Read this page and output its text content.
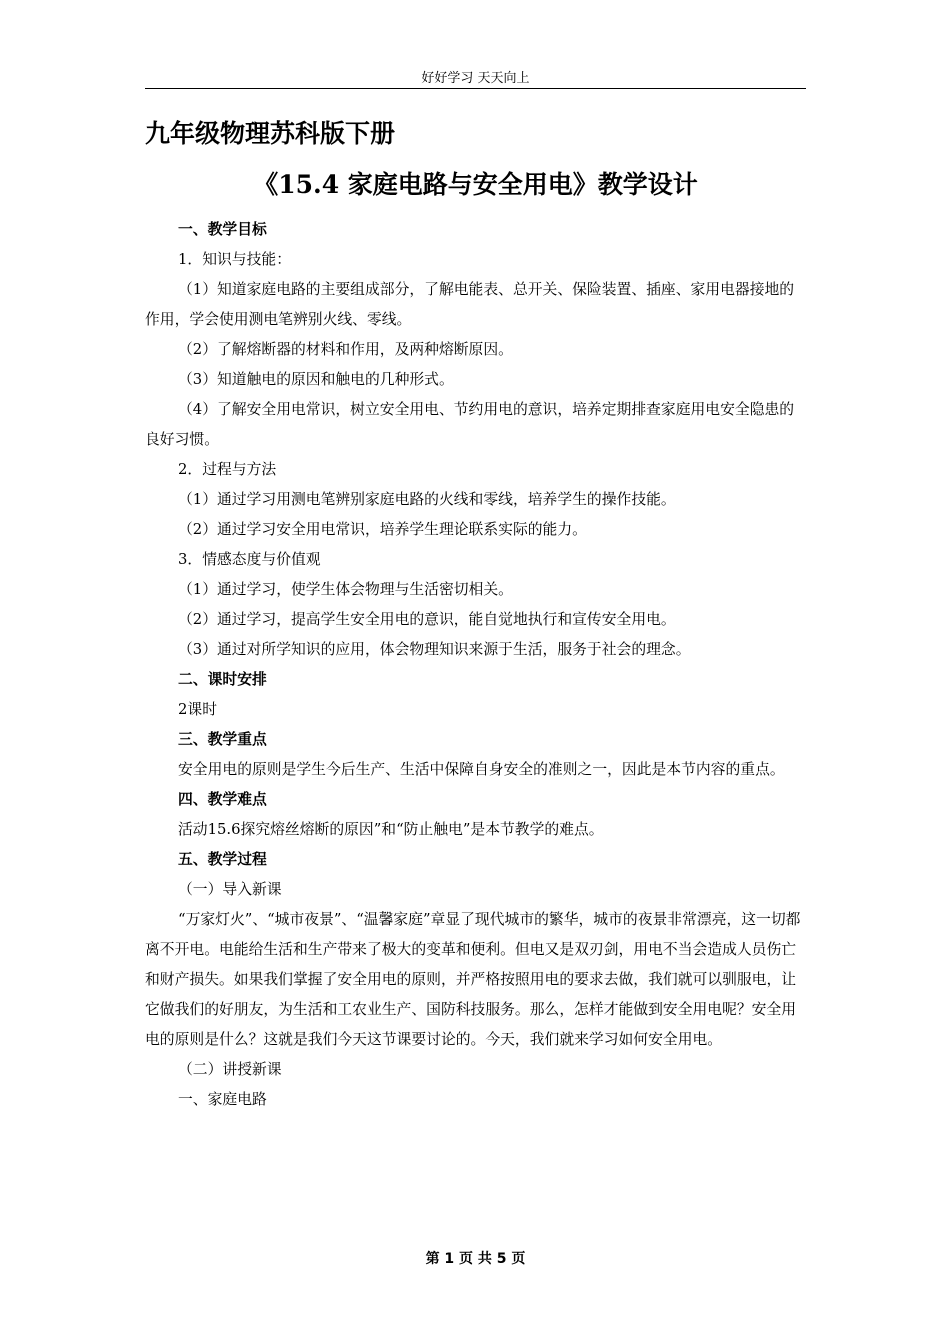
好好学习 天天向上
九年级物理苏科版下册
《15.4 家庭电路与安全用电》教学设计

一、教学目标

1．知识与技能：

（1）知道家庭电路的主要组成部分，了解电能表、总开关、保险装置、插座、家用电器接地的作用，学会使用测电笔辨别火线、零线。

（2）了解熔断器的材料和作用，及两种熔断原因。

（3）知道触电的原因和触电的几种形式。

（4）了解安全用电常识，树立安全用电、节约用电的意识，培养定期排查家庭用电安全隐患的良好习惯。

2．过程与方法

（1）通过学习用测电笔辨别家庭电路的火线和零线，培养学生的操作技能。

（2）通过学习安全用电常识，培养学生理论联系实际的能力。

3．情感态度与价值观

（1）通过学习，使学生体会物理与生活密切相关。

（2）通过学习，提高学生安全用电的意识，能自觉地执行和宣传安全用电。

（3）通过对所学知识的应用，体会物理知识来源于生活，服务于社会的理念。

二、课时安排

2课时

三、教学重点

安全用电的原则是学生今后生产、生活中保障自身安全的准则之一，因此是本节内容的重点。

四、教学难点

活动15.6探究熔丝熔断的原因”和“防止触电”是本节教学的难点。

五、教学过程

（一）导入新课

“万家灯火”、“城市夜景”、“温馨家庭”章显了现代城市的繁华，城市的夜景非常漂亮，这一切都离不开电。电能给生活和生产带来了极大的变革和便利。但电又是双刃剑，用电不当会造成人员伤亡和财产损失。如果我们掌握了安全用电的原则，并严格按照用电的要求去做，我们就可以驯服电，让它做我们的好朋友，为生活和工农业生产、国防科技服务。那么，怎样才能做到安全用电呢？安全用电的原则是什么？这就是我们今天这节课要讨论的。今天，我们就来学习如何安全用电。

（二）讲授新课

一、家庭电路

第 1 页 共 5 页
